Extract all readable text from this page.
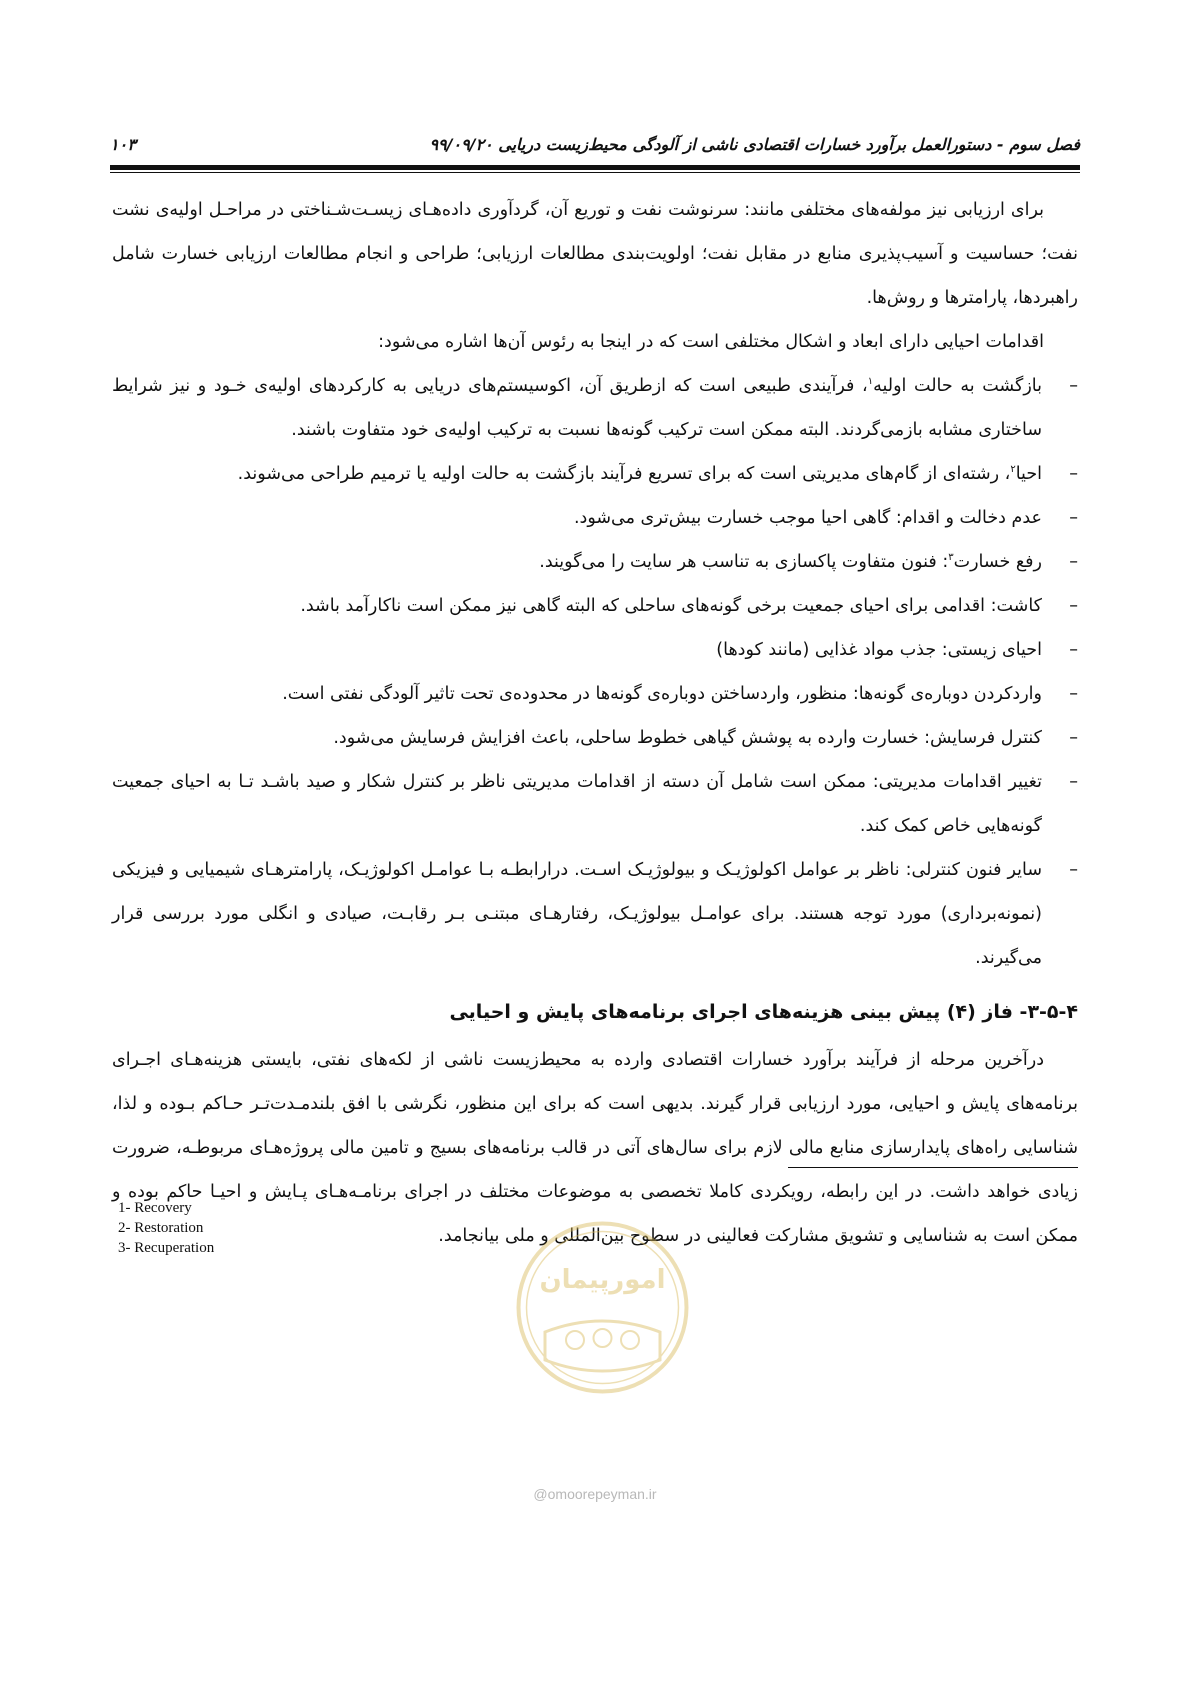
فصل سوم - دستورالعمل برآورد خسارات اقتصادی ناشی از آلودگی محیط‌زیست دریایی ۹۹/۰۹/۲۰
۱۰۳

برای ارزیابی نیز مولفه‌های مختلفی مانند: سرنوشت نفت و توریع آن، گردآوری داده‌هـای زیسـت‌شـناختی در مراحـل اولیه‌ی نشت نفت؛ حساسیت و آسیب‌پذیری منابع در مقابل نفت؛ اولویت‌بندی مطالعات ارزیابی؛ طراحی و انجام مطالعات ارزیابی خسارت شامل راهبردها، پارامترها و روش‌ها.

اقدامات احیایی دارای ابعاد و اشکال مختلفی است که در اینجا به رئوس آن‌ها اشاره می‌شود:

–
بازگشت به حالت اولیه$^۱$، فرآیندی طبیعی است که ازطریق آن، اکوسیستم‌های دریایی به کارکردهای اولیه‌ی خـود و نیز شرایط ساختاری مشابه بازمی‌گردند. البته ممکن است ترکیب گونه‌ها نسبت به ترکیب اولیه‌ی خود متفاوت باشند.

–
احیا$^۲$، رشته‌ای از گام‌های مدیریتی است که برای تسریع فرآیند بازگشت به حالت اولیه یا ترمیم طراحی می‌شوند.

–
عدم دخالت و اقدام: گاهی احیا موجب خسارت بیش‌تری می‌شود.

–
رفع خسارت$^۳$: فنون متفاوت پاکسازی به تناسب هر سایت را می‌گویند.

–
کاشت: اقدامی برای احیای جمعیت برخی گونه‌های ساحلی که البته گاهی نیز ممکن است ناکارآمد باشد.

–
احیای زیستی: جذب مواد غذایی (مانند کودها)

–
واردکردن دوباره‌ی گونه‌ها: منظور، وارد‌ساختن دوباره‌ی گونه‌ها در محدوده‌ی تحت تاثیر آلودگی نفتی است.

–
کنترل فرسایش: خسارت وارده به پوشش گیاهی خطوط ساحلی، باعث افزایش فرسایش می‌شود.

–
تغییر اقدامات مدیریتی: ممکن است شامل آن دسته از اقدامات مدیریتی ناظر بر کنترل شکار و صید باشـد تـا به احیای جمعیت گونه‌هایی خاص کمک کند.

–
سایر فنون کنترلی: ناظر بر عوامل اکولوژیـک و بیولوژیـک اسـت. درارابطـه بـا عوامـل اکولوژیـک، پارامترهـای شیمیایی و فیزیکی (نمونه‌برداری) مورد توجه هستند. برای عوامـل بیولوژیـک، رفتارهـای مبتنـی بـر رقابـت، صیادی و انگلی مورد بررسی قرار می‌گیرند.

۳-۵-۴- فاز (۴) پیش بینی هزینه‌های اجرای برنامه‌های پایش و احیایی

درآخرین مرحله از فرآیند برآورد خسارات اقتصادی وارده به محیط‌زیست ناشی از لکه‌های نفتی، بایستی هزینه‌هـای اجـرای برنامه‌های پایش و احیایی، مورد ارزیابی قرار گیرند. بدیهی است که برای این منظور، نگرشی با افق بلندمـدت‌تـر حـاکم بـوده و لذا، شناسایی راه‌های پایدارسازی منابع مالی لازم برای سال‌های آتی در قالب برنامه‌های بسیج و تامین مالی پروژه‌هـای مربوطـه، ضرورت زیادی خواهد داشت. در این رابطه، رویکردی کاملا تخصصی به موضوعات مختلف در اجرای برنامـه‌هـای پـایش و احیـا حاکم بوده و ممکن است به شناسایی و تشویق مشارکت فعالینی در سطوح بین‌المللی و ملی بیانجامد.

1- Recovery
2- Restoration
3- Recuperation
امورپیمان
@omoorepeyman.ir
